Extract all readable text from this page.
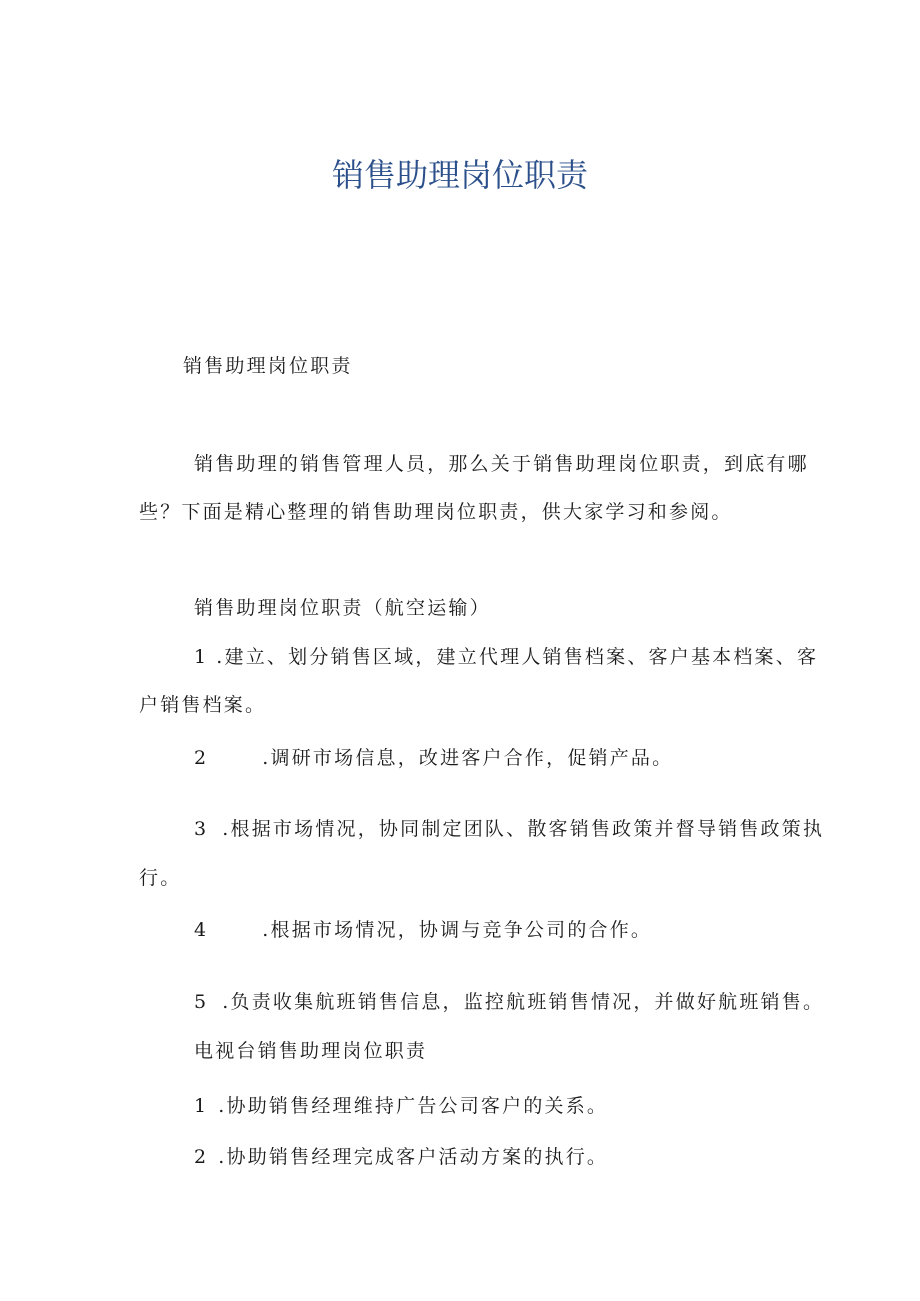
销售助理岗位职责
销售助理岗位职责
销售助理的销售管理人员，那么关于销售助理岗位职责，到底有哪
些？下面是精心整理的销售助理岗位职责，供大家学习和参阅。
销售助理岗位职责（航空运输）
1 .建立、划分销售区域，建立代理人销售档案、客户基本档案、客
户销售档案。
2	.调研市场信息，改进客户合作，促销产品。
3 .根据市场情况，协同制定团队、散客销售政策并督导销售政策执
行。
4	.根据市场情况，协调与竞争公司的合作。
5 .负责收集航班销售信息，监控航班销售情况，并做好航班销售。
电视台销售助理岗位职责
1 .协助销售经理维持广告公司客户的关系。
2 .协助销售经理完成客户活动方案的执行。
